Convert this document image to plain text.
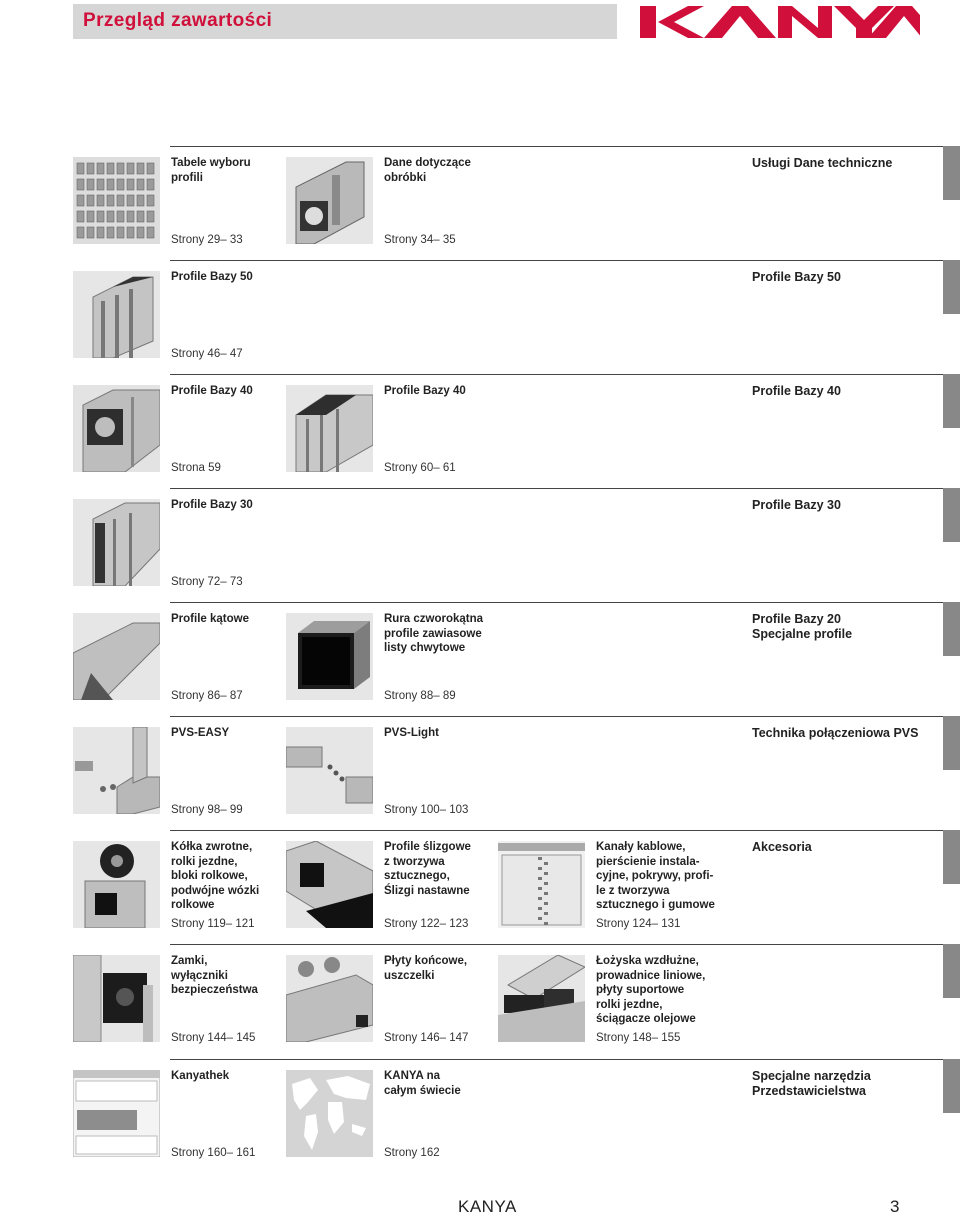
Przegląd zawartości	®
Tabele wyboru
profili
Strony 29– 33
Dane dotyczące
obróbki
Strony 34– 35
Usługi Dane techniczne
Profile Bazy 50
Strony 46– 47
Profile Bazy 50
Profile Bazy 40
Strona 59
Profile Bazy 40
Strony 60– 61
Profile Bazy 40
Profile Bazy 30
Strony 72– 73
Profile Bazy 30
Profile kątowe
Strony 86– 87
Rura czworokątna
profile zawiasowe
listy chwytowe
Strony 88– 89
Profile Bazy 20
Specjalne profile
PVS-EASY
Strony 98– 99
PVS-Light
Strony 100– 103
Technika połączeniowa PVS
Kółka zwrotne,
rolki jezdne,
bloki rolkowe,
podwójne wózki
rolkowe
Strony 119– 121
Profile ślizgowe
z tworzywa
sztucznego,
Ślizgi nastawne
Strony 122– 123
Kanały kablowe,
pierścienie instala-
cyjne, pokrywy, profi-
le z tworzywa
sztucznego i gumowe
Strony 124– 131
Akcesoria
Zamki,
wyłączniki
bezpieczeństwa
Strony 144– 145
Płyty końcowe,
uszczelki
Strony 146– 147
Łożyska wzdłużne,
prowadnice liniowe,
płyty suportowe
rolki jezdne,
ściągacze olejowe
Strony 148– 155
Kanyathek
Strony 160– 161
KANYA na
całym świecie
Strony 162
Specjalne narzędzia
Przedstawicielstwa
KANYA	3
